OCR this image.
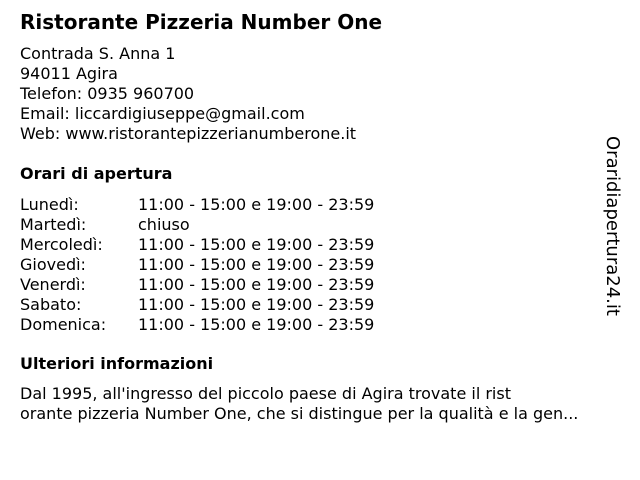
Ristorante Pizzeria Number One
Contrada S. Anna 1
94011 Agira
Telefon: 0935 960700
Email: liccardigiuseppe@gmail.com
Web: www.ristorantepizzerianumberone.it
Orari di apertura
Lunedì:	11:00 - 15:00 e 19:00 - 23:59
Martedì:	chiuso
Mercoledì:	11:00 - 15:00 e 19:00 - 23:59
Giovedì:	11:00 - 15:00 e 19:00 - 23:59
Venerdì:	11:00 - 15:00 e 19:00 - 23:59
Sabato:	11:00 - 15:00 e 19:00 - 23:59
Domenica:	11:00 - 15:00 e 19:00 - 23:59
Ulteriori informazioni
Dal 1995, all'ingresso del piccolo paese di Agira trovate il rist
orante pizzeria Number One, che si distingue per la qualità e la gen...
Oraridiapertura24.it
